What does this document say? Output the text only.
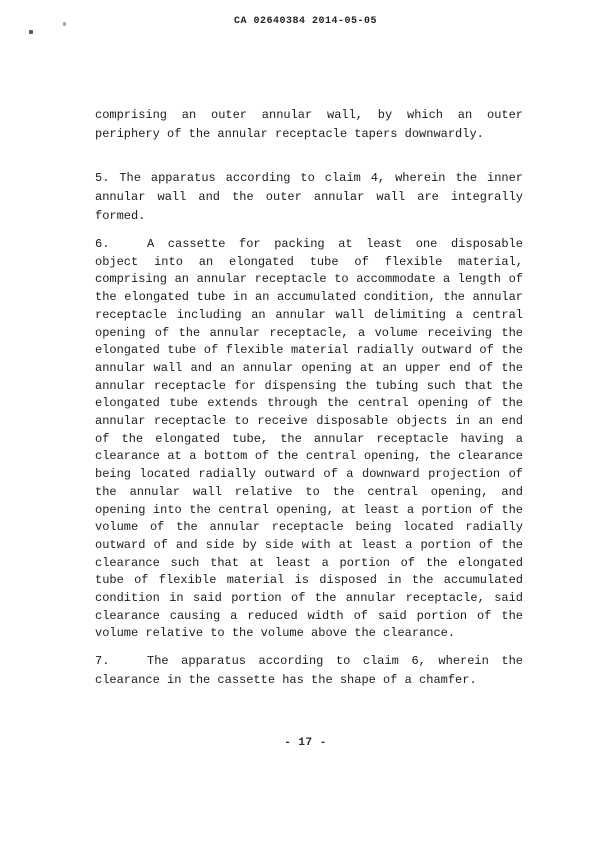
CA 02640384 2014-05-05

comprising an outer annular wall, by which an outer periphery of the annular receptacle tapers downwardly.

5. The apparatus according to claim 4, wherein the inner annular wall and the outer annular wall are integrally formed.

6.	A cassette for packing at least one disposable object into an elongated tube of flexible material, comprising an annular receptacle to accommodate a length of the elongated tube in an accumulated condition, the annular receptacle including an annular wall delimiting a central opening of the annular receptacle, a volume receiving the elongated tube of flexible material radially outward of the annular wall and an annular opening at an upper end of the annular receptacle for dispensing the tubing such that the elongated tube extends through the central opening of the annular receptacle to receive disposable objects in an end of the elongated tube, the annular receptacle having a clearance at a bottom of the central opening, the clearance being located radially outward of a downward projection of the annular wall relative to the central opening, and opening into the central opening, at least a portion of the volume of the annular receptacle being located radially outward of and side by side with at least a portion of the clearance such that at least a portion of the elongated tube of flexible material is disposed in the accumulated condition in said portion of the annular receptacle, said clearance causing a reduced width of said portion of the volume relative to the volume above the clearance.

7.	The apparatus according to claim 6, wherein the clearance in the cassette has the shape of a chamfer.

- 17 -
